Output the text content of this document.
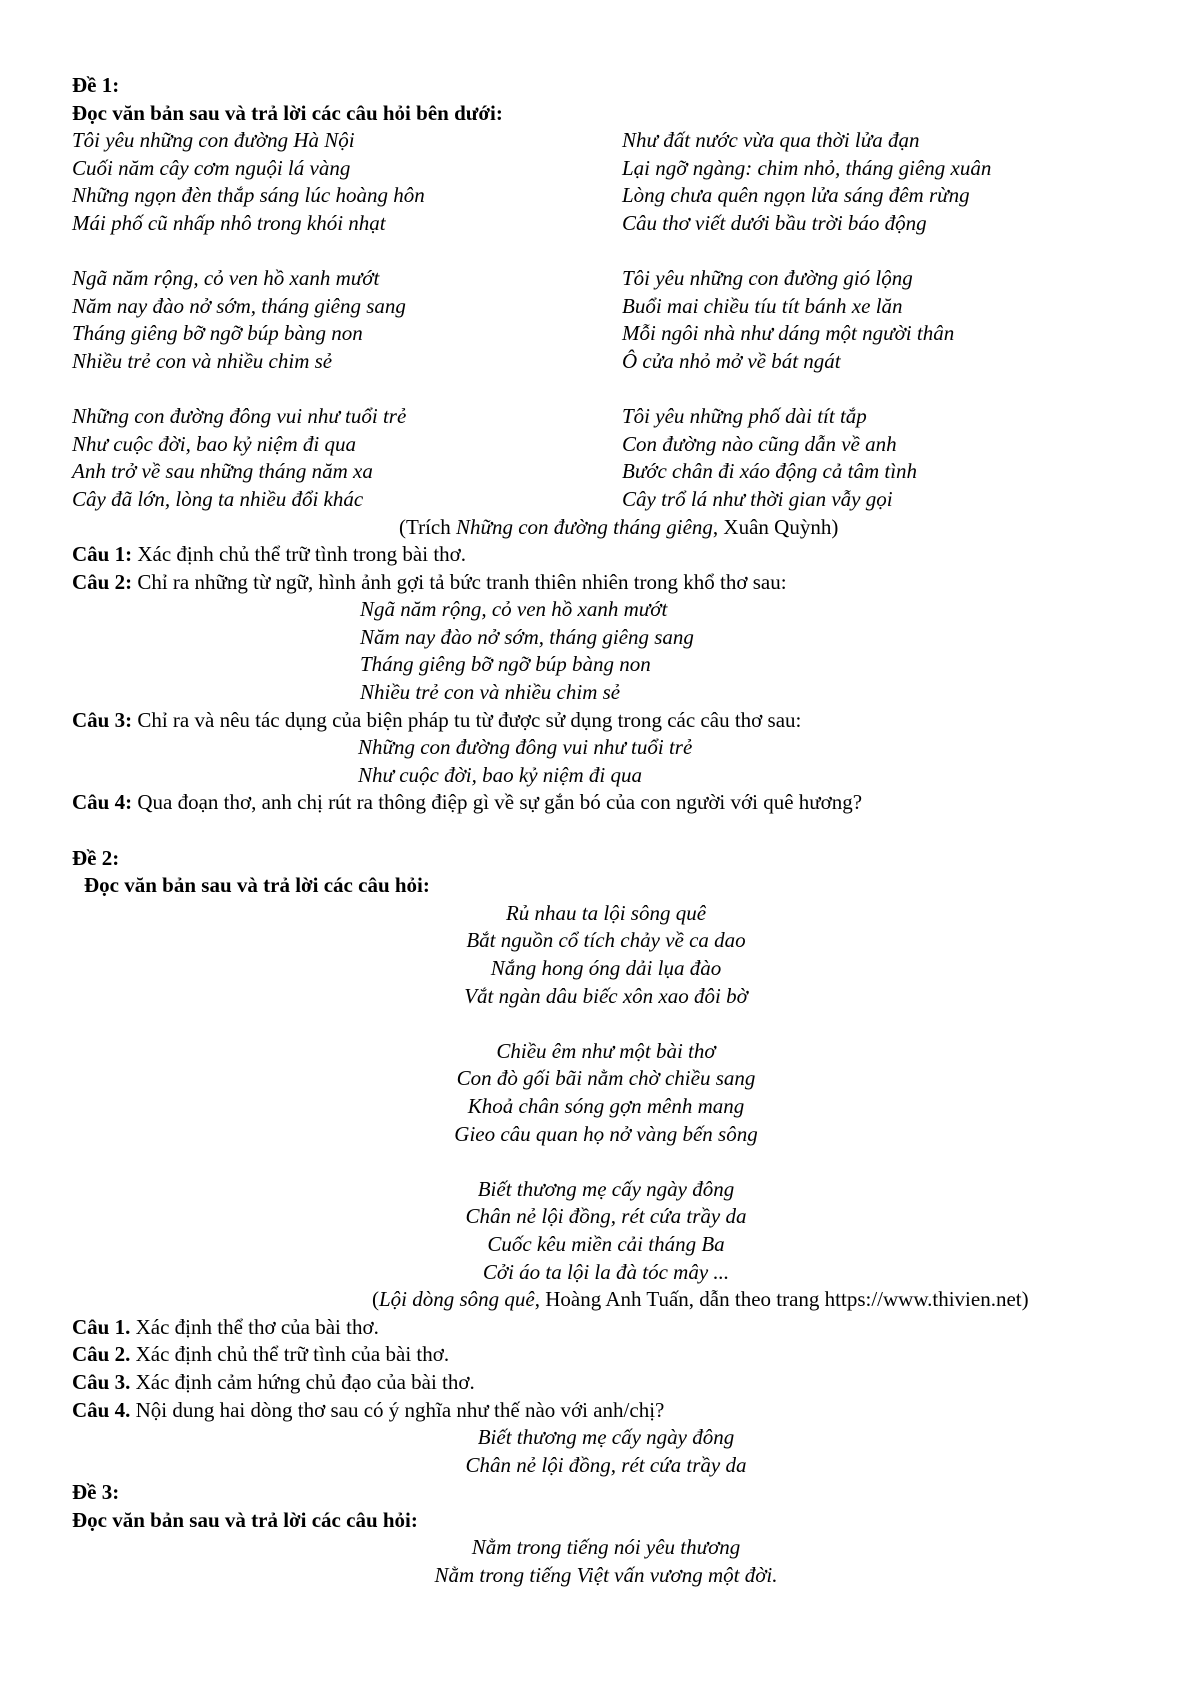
Đề 1:
Đọc văn bản sau và trả lời các câu hỏi bên dưới:
Tôi yêu những con đường Hà Nội
Cuối năm cây cơm nguội lá vàng
Những ngọn đèn thắp sáng lúc hoàng hôn
Mái phố cũ nhấp nhô trong khói nhạt
Như đất nước vừa qua thời lửa đạn
Lại ngỡ ngàng: chim nhỏ, tháng giêng xuân
Lòng chưa quên ngọn lửa sáng đêm rừng
Câu thơ viết dưới bầu trời báo động
Ngã năm rộng, cỏ ven hồ xanh mướt
Năm nay đào nở sớm, tháng giêng sang
Tháng giêng bỡ ngỡ búp bàng non
Nhiều trẻ con và nhiều chim sẻ
Tôi yêu những con đường gió lộng
Buổi mai chiều tíu tít bánh xe lăn
Mỗi ngôi nhà như dáng một người thân
Ô cửa nhỏ mở về bát ngát
Những con đường đông vui như tuổi trẻ
Như cuộc đời, bao kỷ niệm đi qua
Anh trở về sau những tháng năm xa
Cây đã lớn, lòng ta nhiều đổi khác
Tôi yêu những phố dài tít tắp
Con đường nào cũng dẫn về anh
Bước chân đi xáo động cả tâm tình
Cây trổ lá như thời gian vẫy gọi
(Trích Những con đường tháng giêng, Xuân Quỳnh)
Câu 1: Xác định chủ thể trữ tình trong bài thơ.
Câu 2: Chỉ ra những từ ngữ, hình ảnh gợi tả bức tranh thiên nhiên trong khổ thơ sau:
Ngã năm rộng, cỏ ven hồ xanh mướt
Năm nay đào nở sớm, tháng giêng sang
Tháng giêng bỡ ngỡ búp bàng non
Nhiều trẻ con và nhiều chim sẻ
Câu 3: Chỉ ra và nêu tác dụng của biện pháp tu từ được sử dụng trong các câu thơ sau:
Những con đường đông vui như tuổi trẻ
Như cuộc đời, bao kỷ niệm đi qua
Câu 4: Qua đoạn thơ, anh chị rút ra thông điệp gì về sự gắn bó của con người với quê hương?
Đề 2:
Đọc văn bản sau và trả lời các câu hỏi:
Rủ nhau ta lội sông quê
Bắt nguồn cổ tích chảy về ca dao
Nắng hong óng dải lụa đào
Vắt ngàn dâu biếc xôn xao đôi bờ
Chiều êm như một bài thơ
Con đò gối bãi nằm chờ chiều sang
Khoả chân sóng gợn mênh mang
Gieo câu quan họ nở vàng bến sông
Biết thương mẹ cấy ngày đông
Chân nẻ lội đồng, rét cứa trầy da
Cuốc kêu miền cải tháng Ba
Cởi áo ta lội la đà tóc mây ...
(Lội dòng sông quê, Hoàng Anh Tuấn, dẫn theo trang https://www.thivien.net)
Câu 1. Xác định thể thơ của bài thơ.
Câu 2. Xác định chủ thể trữ tình của bài thơ.
Câu 3. Xác định cảm hứng chủ đạo của bài thơ.
Câu 4. Nội dung hai dòng thơ sau có ý nghĩa như thế nào với anh/chị?
Biết thương mẹ cấy ngày đông
Chân nẻ lội đồng, rét cứa trầy da
Đề 3:
Đọc văn bản sau và trả lời các câu hỏi:
Nằm trong tiếng nói yêu thương
Nằm trong tiếng Việt vấn vương một đời.
